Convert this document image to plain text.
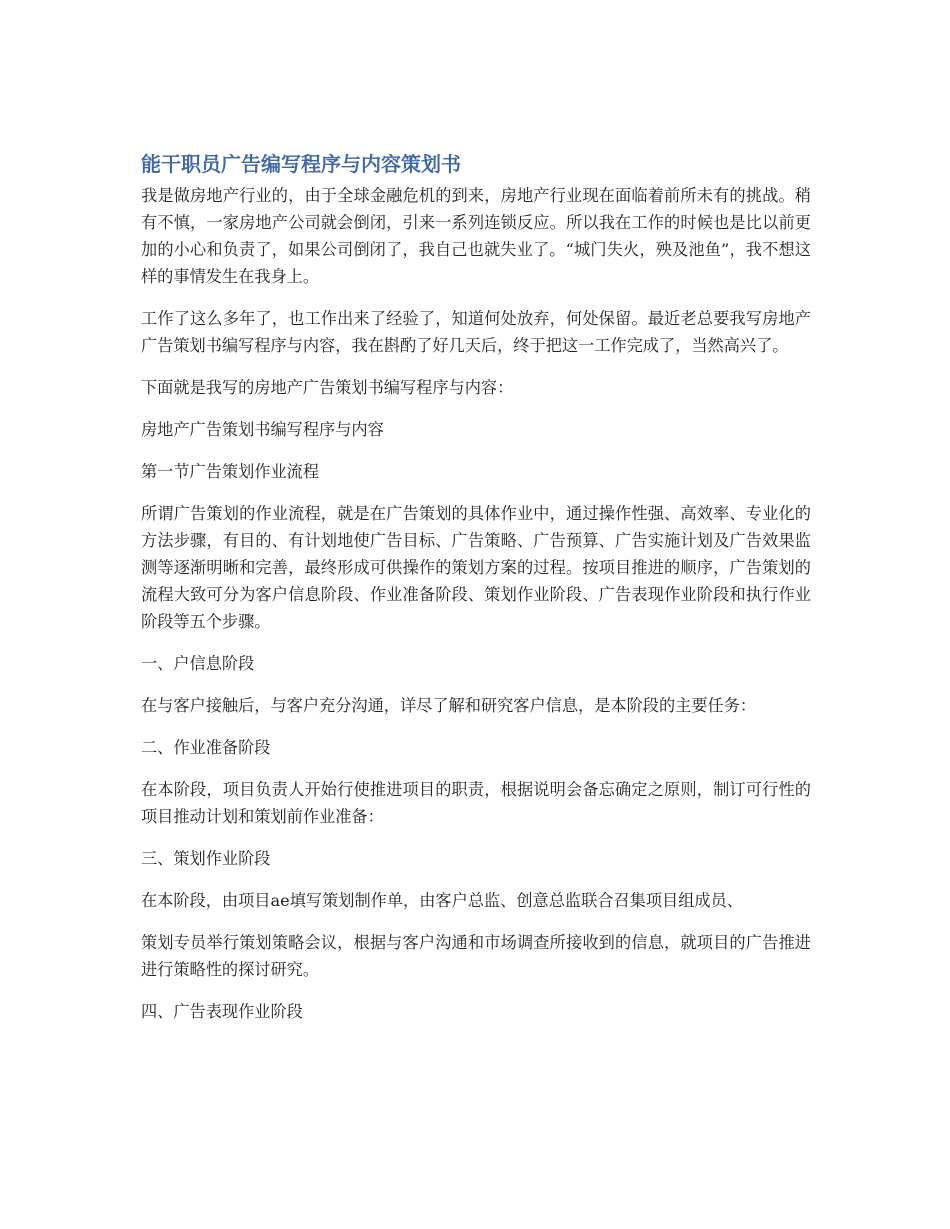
能干职员广告编写程序与内容策划书

我是做房地产行业的，由于全球金融危机的到来，房地产行业现在面临着前所未有的挑战。稍有不慎，一家房地产公司就会倒闭，引来一系列连锁反应。所以我在工作的时候也是比以前更加的小心和负责了，如果公司倒闭了，我自己也就失业了。“城门失火，殃及池鱼”，我不想这样的事情发生在我身上。

工作了这么多年了，也工作出来了经验了，知道何处放弃，何处保留。最近老总要我写房地产广告策划书编写程序与内容，我在斟酌了好几天后，终于把这一工作完成了，当然高兴了。

下面就是我写的房地产广告策划书编写程序与内容：

房地产广告策划书编写程序与内容

第一节广告策划作业流程

所谓广告策划的作业流程，就是在广告策划的具体作业中，通过操作性强、高效率、专业化的方法步骤，有目的、有计划地使广告目标、广告策略、广告预算、广告实施计划及广告效果监测等逐渐明晰和完善，最终形成可供操作的策划方案的过程。按项目推进的顺序，广告策划的流程大致可分为客户信息阶段、作业准备阶段、策划作业阶段、广告表现作业阶段和执行作业阶段等五个步骤。

一、户信息阶段

在与客户接触后，与客户充分沟通，详尽了解和研究客户信息，是本阶段的主要任务：

二、作业准备阶段

在本阶段，项目负责人开始行使推进项目的职责，根据说明会备忘确定之原则，制订可行性的项目推动计划和策划前作业准备：

三、策划作业阶段

在本阶段，由项目ae填写策划制作单，由客户总监、创意总监联合召集项目组成员、

策划专员举行策划策略会议，根据与客户沟通和市场调查所接收到的信息，就项目的广告推进进行策略性的探讨研究。

四、广告表现作业阶段
